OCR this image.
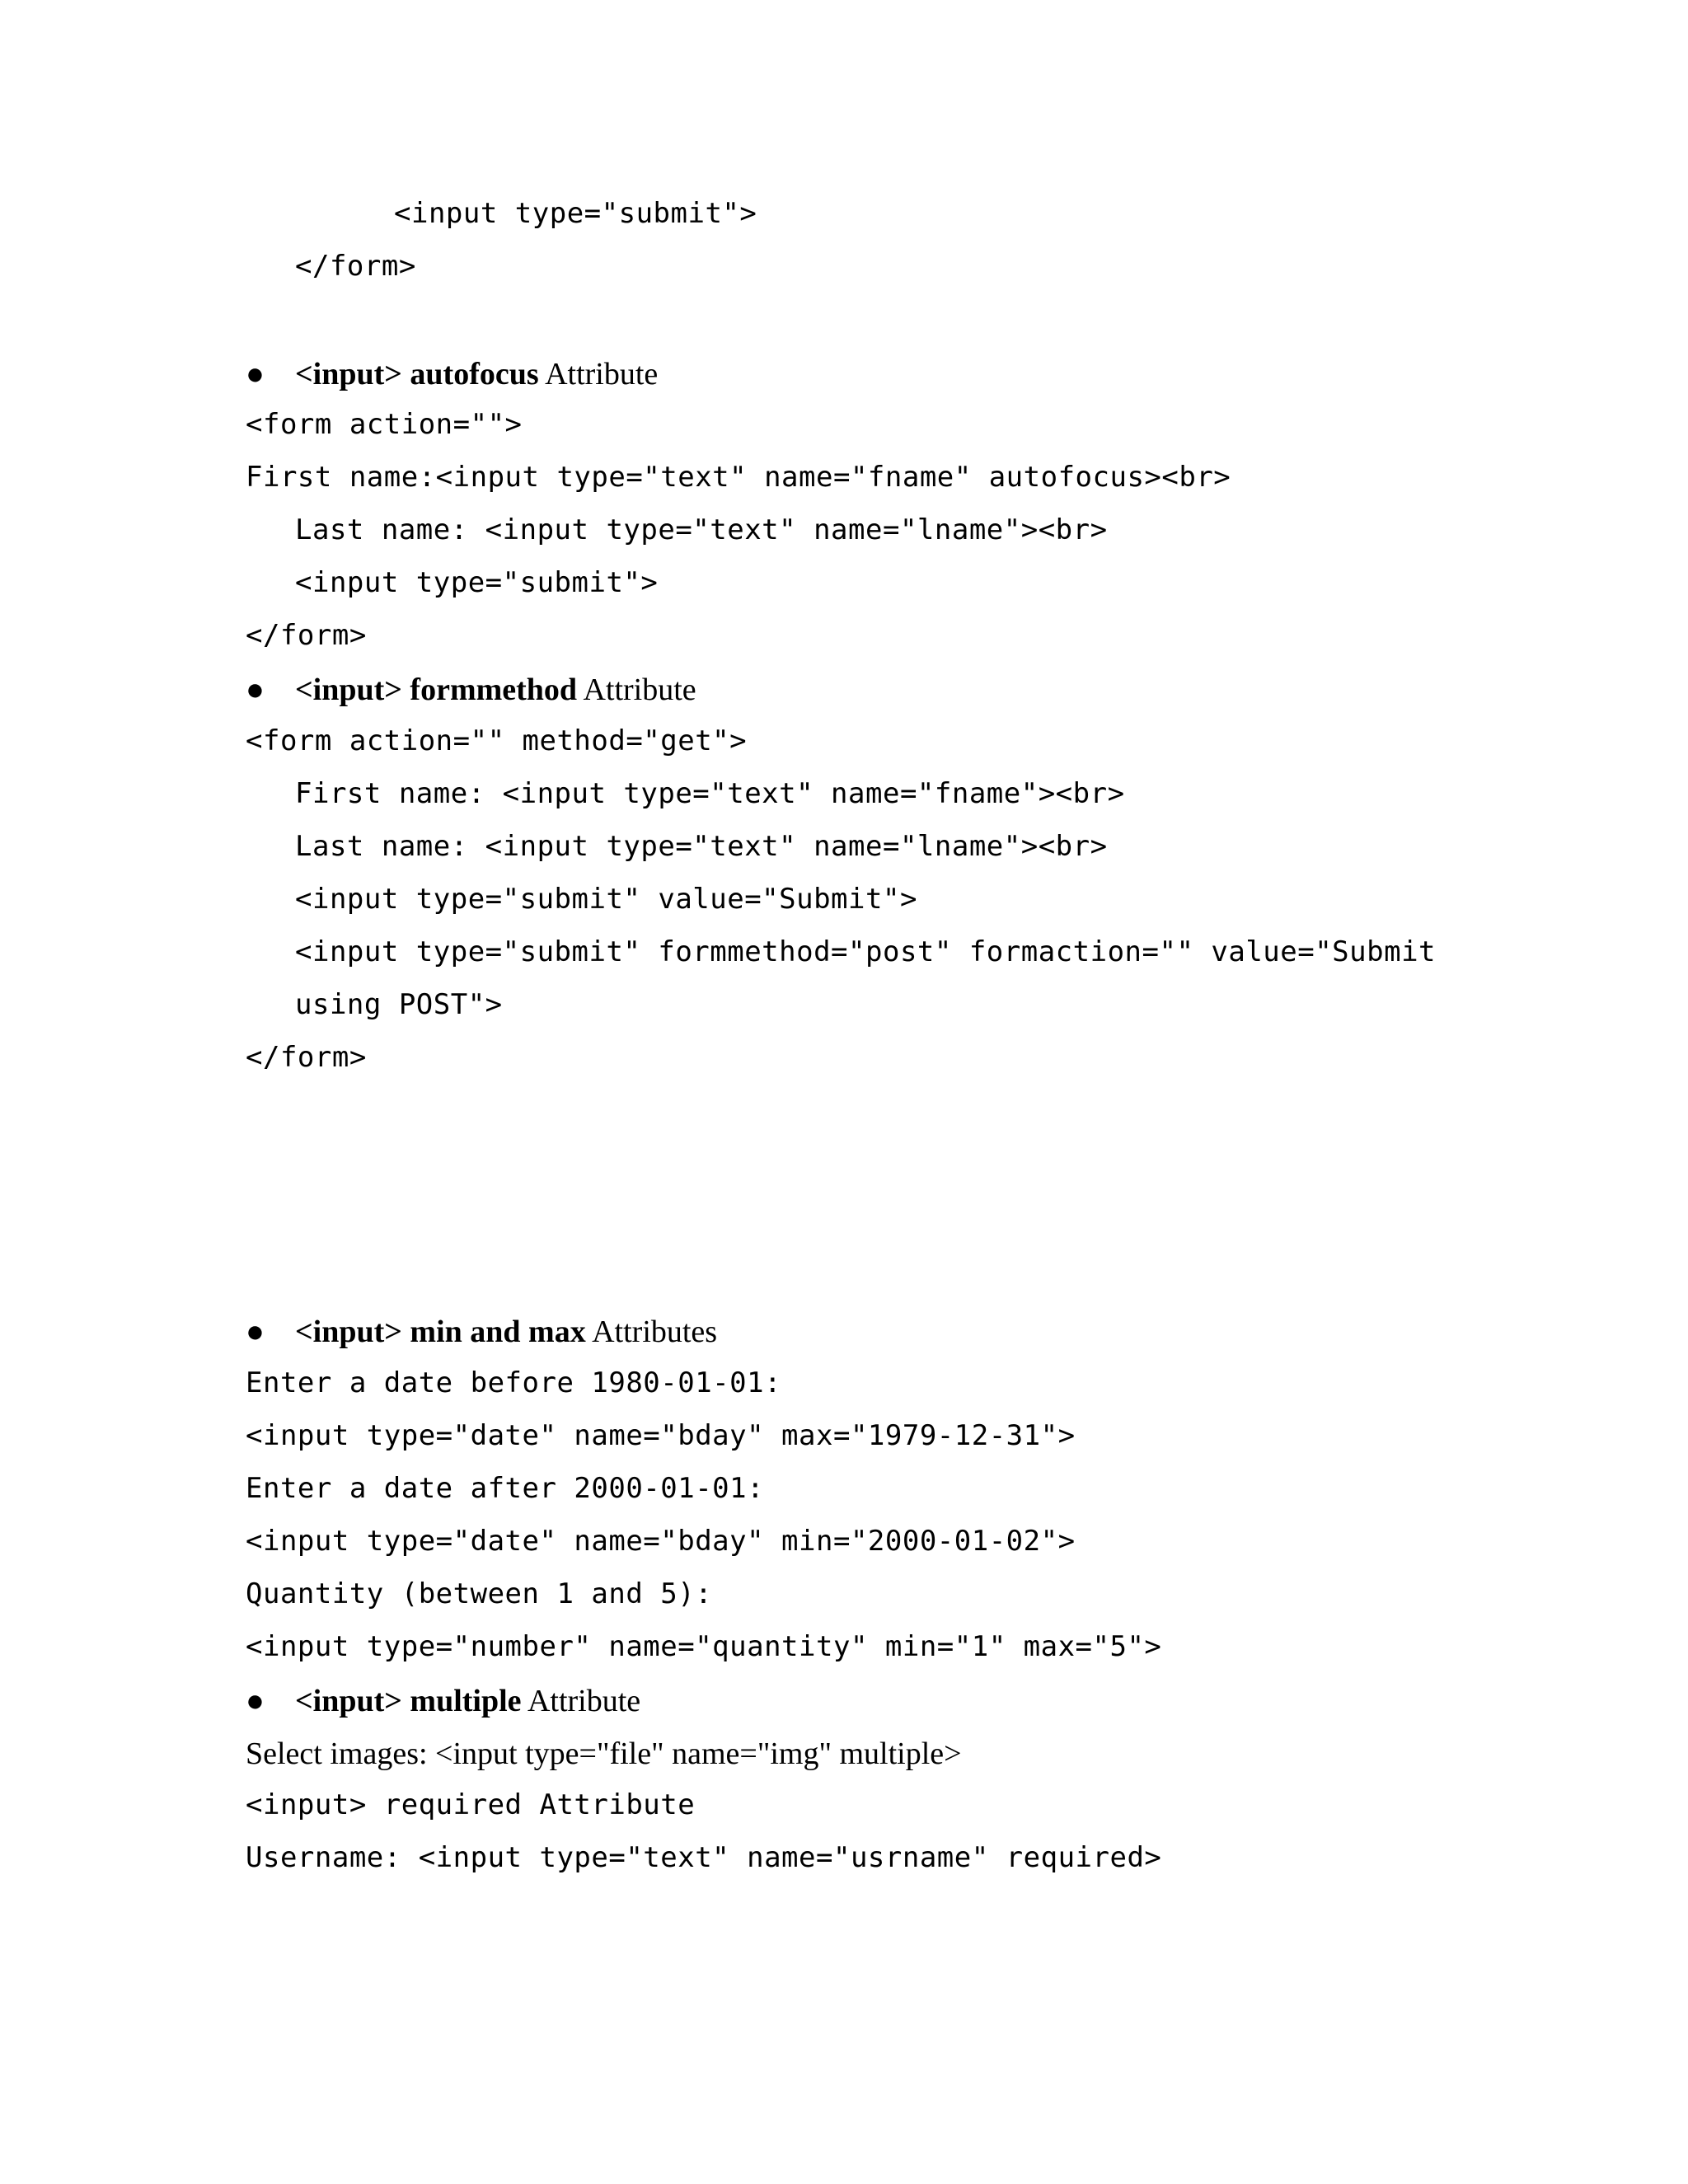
<input type="submit">
</form>

●

<input> autofocus Attribute

<form action="">
First name:<input type="text" name="fname" autofocus><br>
Last name: <input type="text" name="lname"><br>
<input type="submit">
</form>

●

<input> formmethod Attribute

<form action="" method="get">
First name: <input type="text" name="fname"><br>
Last name: <input type="text" name="lname"><br>
<input type="submit" value="Submit">
<input type="submit" formmethod="post" formaction="" value="Submit
using POST">
</form>

●

<input> min and max Attributes

Enter a date before 1980-01-01:
<input type="date" name="bday" max="1979-12-31">
Enter a date after 2000-01-01:
<input type="date" name="bday" min="2000-01-02">
Quantity (between 1 and 5):
<input type="number" name="quantity" min="1" max="5">

●

<input> multiple Attribute

Select images: <input type="file" name="img" multiple>
<input> required Attribute
Username: <input type="text" name="usrname" required>
